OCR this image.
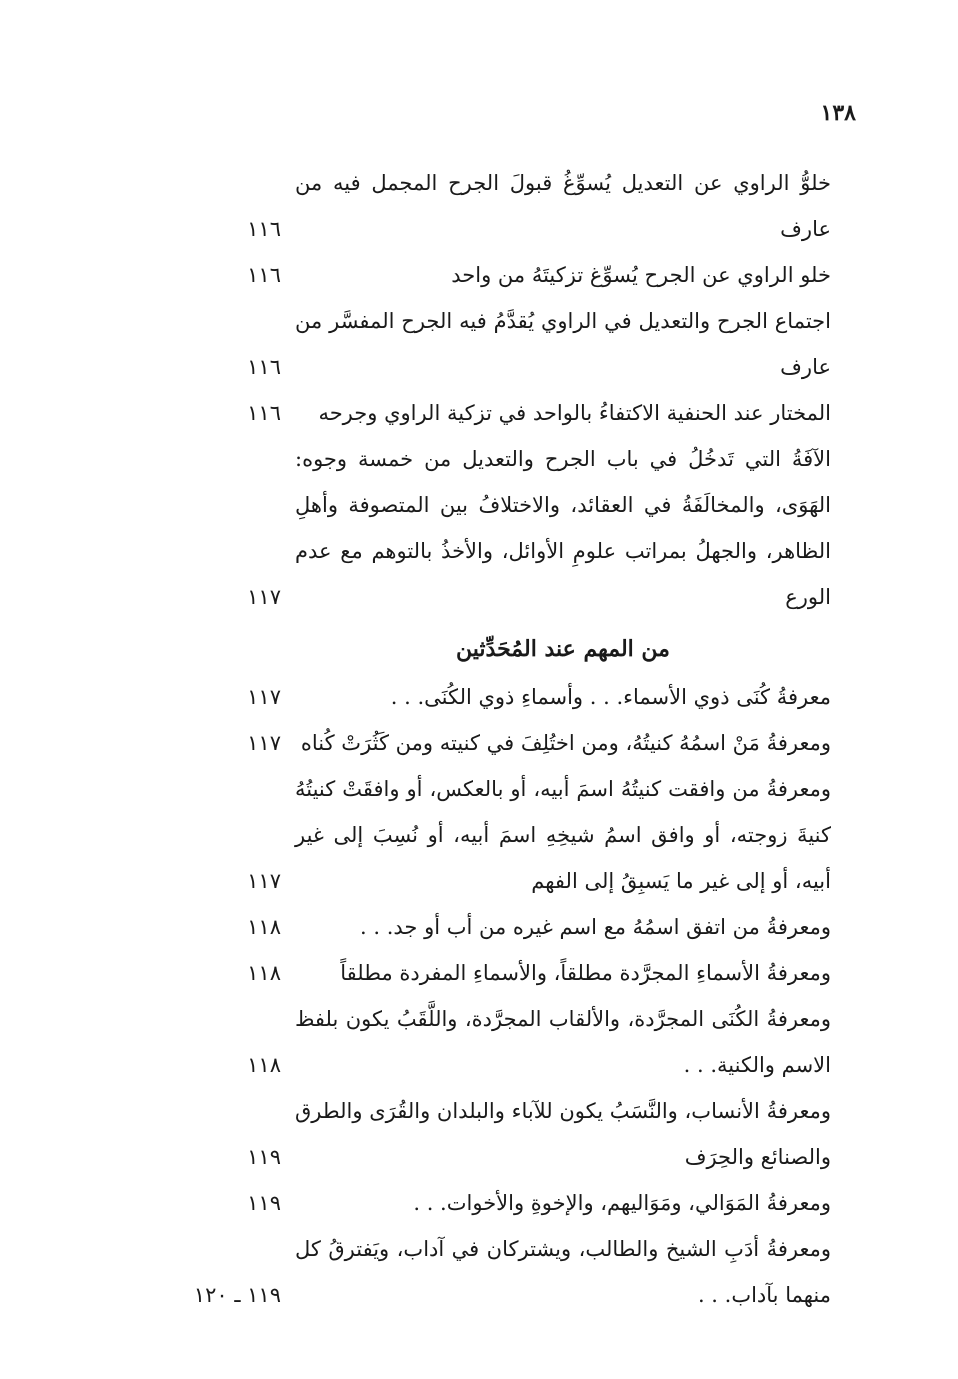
١٣٨
خلوُّ الراوي عن التعديل يُسوِّغُ قبولَ الجرح المجمل فيه من عارف
١١٦
خلو الراوي عن الجرح يُسوِّغ تزكيتَهُ من واحد
١١٦
اجتماع الجرح والتعديل في الراوي يُقدَّمُ فيه الجرح المفسَّر من عارف
١١٦
المختار عند الحنفية الاكتفاءُ بالواحد في تزكية الراوي وجرحه
١١٦
الآفَةُ التي تَدخُلُ في باب الجرح والتعديل من خمسة وجوه: الهَوَى، والمخالَفَةُ في العقائد، والاختلافُ بين المتصوفة وأهلِ الظاهر، والجهلُ بمراتب علومِ الأوائل، والأخذُ بالتوهم مع عدم الورع
١١٧
من المهم عند المُحَدِّثين
معرفةُ كُنَى ذوي الأسماء. . . وأسماءِ ذوي الكُنَى. . .
١١٧
ومعرفةُ مَنْ اسمُهُ كنيتُهُ، ومن اختُلِفَ في كنيته ومن كَثُرَتْ كُناه
١١٧
ومعرفةُ من وافقت كنيتُهُ اسمَ أبيه، أو بالعكس، أو وافقَتْ كنيتُهُ كنيةَ زوجته، أو وافق اسمُ شيخِهِ اسمَ أبيه، أو نُسِبَ إلى غير أبيه، أو إلى غير ما يَسبِقُ إلى الفهم
١١٧
ومعرفةُ من اتفق اسمُهُ مع اسم غيره من أب أو جد. . .
١١٨
ومعرفةُ الأسماءِ المجرَّدة مطلقاً، والأسماءِ المفردة مطلقاً
١١٨
ومعرفةُ الكُنَى المجرَّدة، والألقاب المجرَّدة، واللَّقَبُ يكون بلفظ الاسم والكنية. . .
١١٨
ومعرفةُ الأنساب، والنَّسَبُ يكون للآباء والبلدان والقُرَى والطرق والصنائع والحِرَف
١١٩
ومعرفةُ المَوَالي، ومَوَاليهم، والإخوةِ والأخوات. . .
١١٩
ومعرفةُ أدَبِ الشيخ والطالب، ويشتركان في آداب، ويَفترقُ كل منهما بآداب. . .
١١٩ ـ ١٢٠
